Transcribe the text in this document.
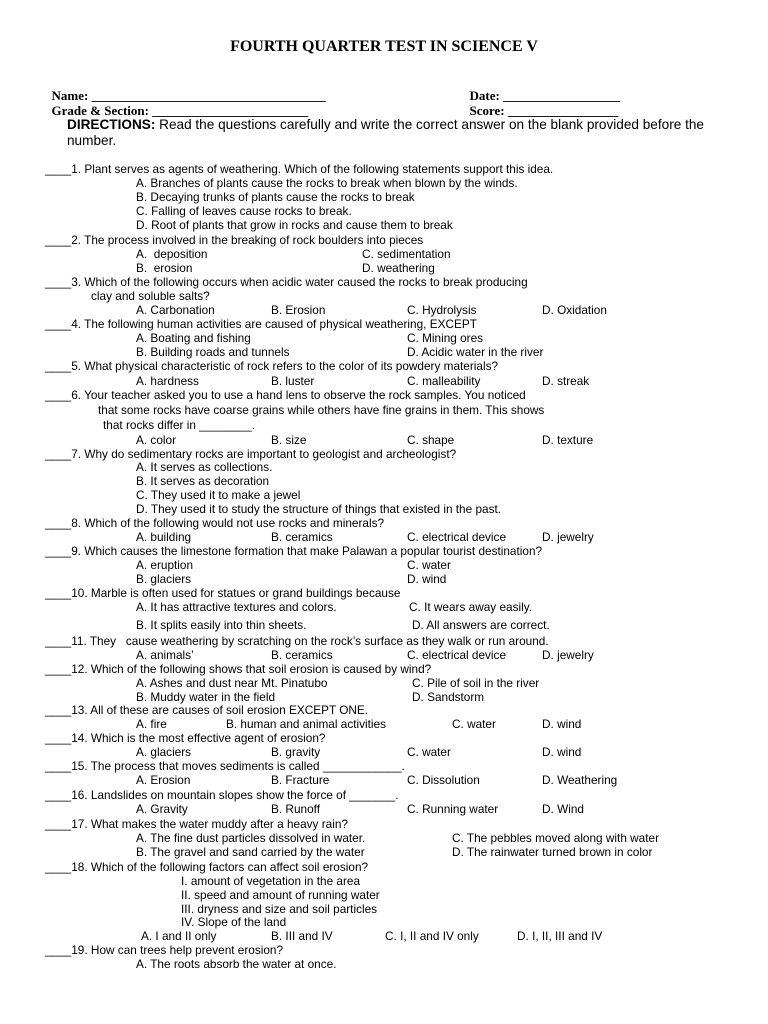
FOURTH QUARTER TEST IN SCIENCE V

Name: ____________________________________	Date: __________________

Grade & Section: ________________________	Score: _________________

DIRECTIONS: Read the questions carefully and write the correct answer on the blank provided before the number.
____1. Plant serves as agents of weathering. Which of the following statements support this idea.
A. Branches of plants cause the rocks to break when blown by the winds.
B. Decaying trunks of plants cause the rocks to break
C. Falling of leaves cause rocks to break.
D. Root of plants that grow in rocks and cause them to break
____2. The process involved in the breaking of rock boulders into pieces
A.  deposition	C. sedimentation
B.  erosion	D. weathering
____3. Which of the following occurs when acidic water caused the rocks to break producing
clay and soluble salts?
A. Carbonation	B. Erosion	C. Hydrolysis	D. Oxidation
____4. The following human activities are caused of physical weathering, EXCEPT
A. Boating and fishing	C. Mining ores
B. Building roads and tunnels	D. Acidic water in the river
____5. What physical characteristic of rock refers to the color of its powdery materials?
A. hardness	B. luster	C. malleability	D. streak
____6. Your teacher asked you to use a hand lens to observe the rock samples. You noticed
that some rocks have coarse grains while others have fine grains in them. This shows
that rocks differ in ________.
A. color	B. size	C. shape	D. texture
____7. Why do sedimentary rocks are important to geologist and archeologist?
A. It serves as collections.
B. It serves as decoration
C. They used it to make a jewel
D. They used it to study the structure of things that existed in the past.
____8. Which of the following would not use rocks and minerals?
A. building	B. ceramics	C. electrical device	D. jewelry
____9. Which causes the limestone formation that make Palawan a popular tourist destination?
A. eruption	C. water
B. glaciers	D. wind
____10. Marble is often used for statues or grand buildings because
A. It has attractive textures and colors.	C. It wears away easily.
B. It splits easily into thin sheets.	D. All answers are correct.
____11. They   cause weathering by scratching on the rock’s surface as they walk or run around.
A. animals’	B. ceramics	C. electrical device	D. jewelry
____12. Which of the following shows that soil erosion is caused by wind?
A. Ashes and dust near Mt. Pinatubo	C. Pile of soil in the river
B. Muddy water in the field	D. Sandstorm
____13. All of these are causes of soil erosion EXCEPT ONE.
A. fire	B. human and animal activities	C. water	D. wind
____14. Which is the most effective agent of erosion?
A. glaciers	B. gravity	C. water	D. wind
____15. The process that moves sediments is called ____________.
A. Erosion	B. Fracture	C. Dissolution	D. Weathering
____16. Landslides on mountain slopes show the force of _______.
A. Gravity	B. Runoff	C. Running water	D. Wind
____17. What makes the water muddy after a heavy rain?
A. The fine dust particles dissolved in water.	C. The pebbles moved along with water
B. The gravel and sand carried by the water	D. The rainwater turned brown in color
____18. Which of the following factors can affect soil erosion?
I. amount of vegetation in the area
II. speed and amount of running water
III. dryness and size and soil particles
IV. Slope of the land
A. I and II only	B. III and IV	C. I, II and IV only	D. I, II, III and IV
____19. How can trees help prevent erosion?
A. The roots absorb the water at once.
